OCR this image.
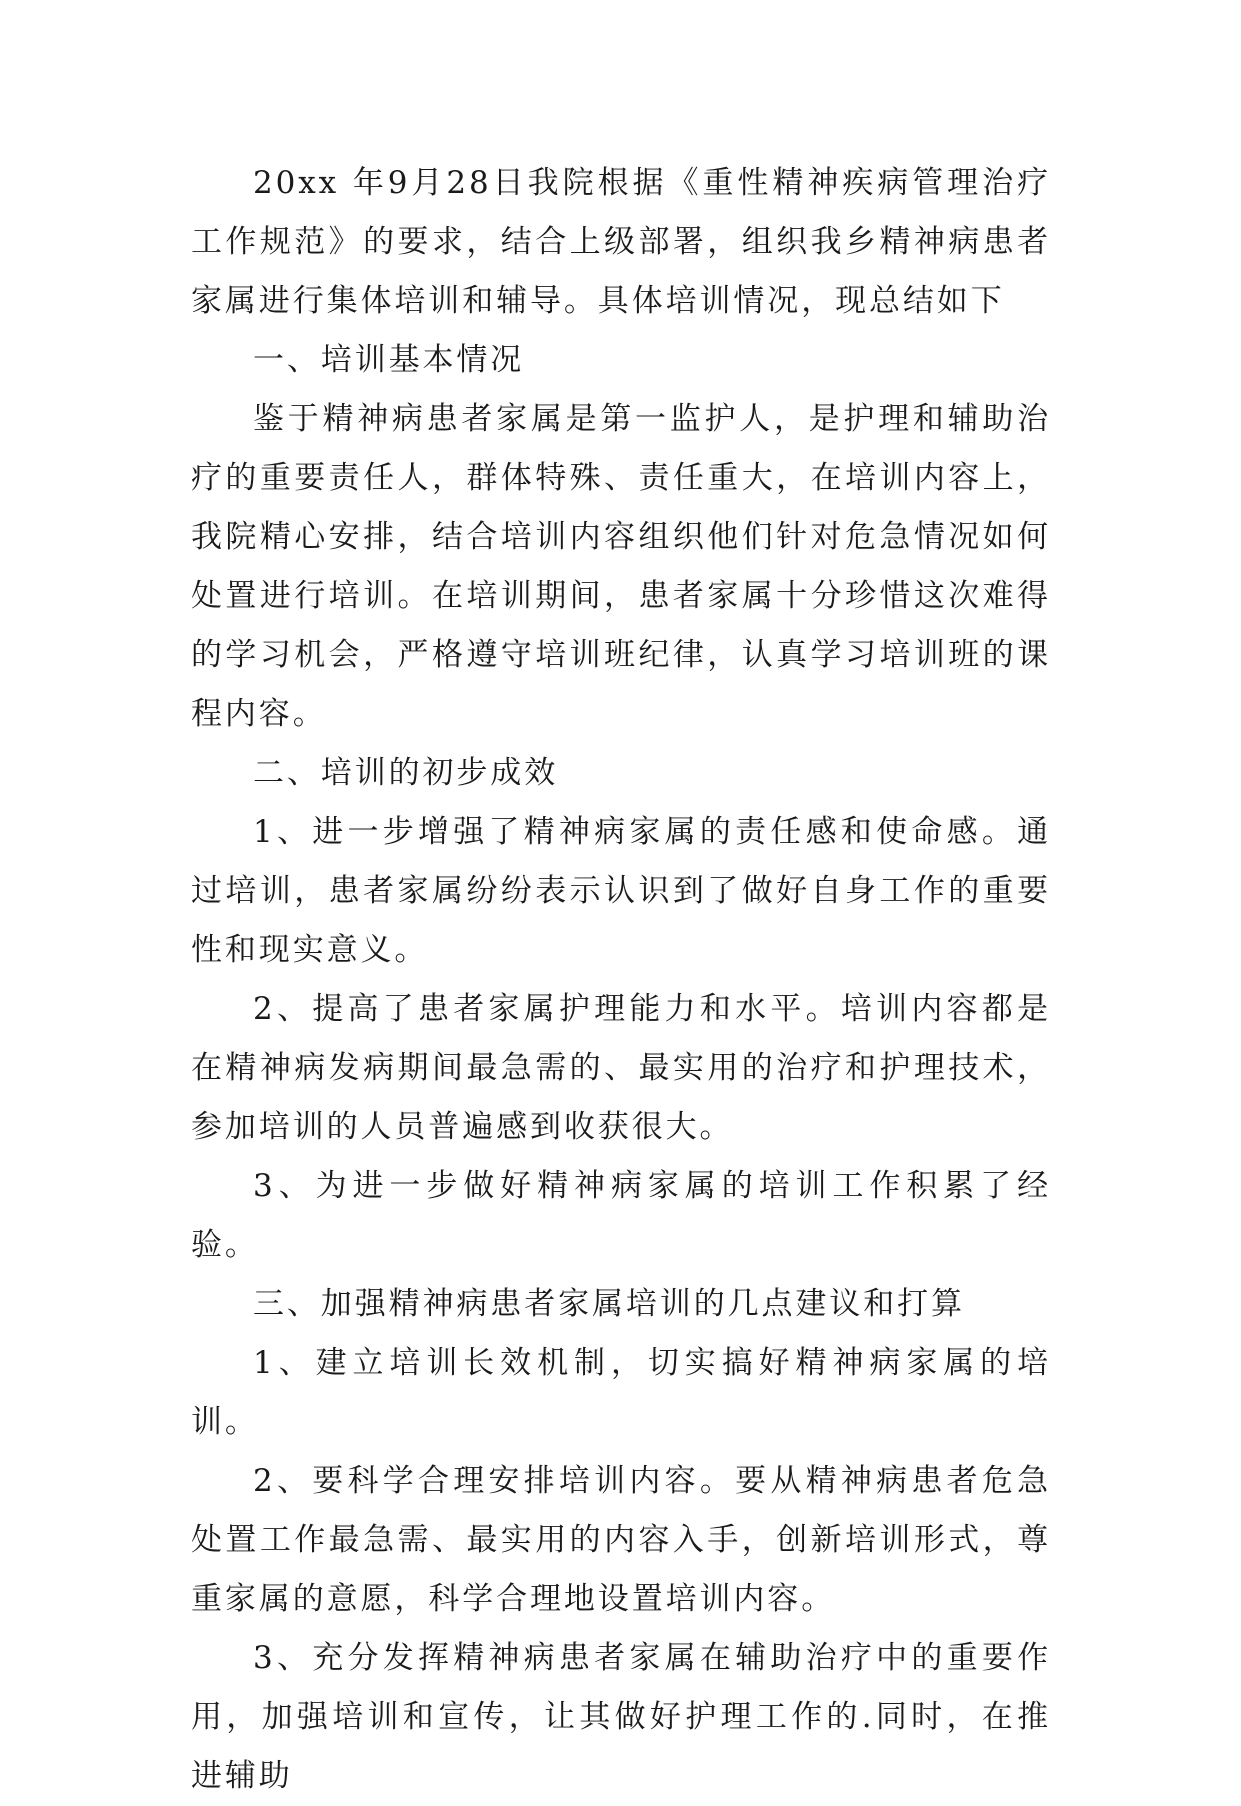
20xx 年9月28日我院根据《重性精神疾病管理治疗工作规范》的要求，结合上级部署，组织我乡精神病患者家属进行集体培训和辅导。具体培训情况，现总结如下

一、培训基本情况

鉴于精神病患者家属是第一监护人，是护理和辅助治疗的重要责任人，群体特殊、责任重大，在培训内容上，我院精心安排，结合培训内容组织他们针对危急情况如何处置进行培训。在培训期间，患者家属十分珍惜这次难得的学习机会，严格遵守培训班纪律，认真学习培训班的课程内容。

二、培训的初步成效

1、进一步增强了精神病家属的责任感和使命感。通过培训，患者家属纷纷表示认识到了做好自身工作的重要性和现实意义。

2、提高了患者家属护理能力和水平。培训内容都是在精神病发病期间最急需的、最实用的治疗和护理技术，参加培训的人员普遍感到收获很大。

3、为进一步做好精神病家属的培训工作积累了经验。

三、加强精神病患者家属培训的几点建议和打算

1、建立培训长效机制，切实搞好精神病家属的培训。

2、要科学合理安排培训内容。要从精神病患者危急处置工作最急需、最实用的内容入手，创新培训形式，尊重家属的意愿，科学合理地设置培训内容。

3、充分发挥精神病患者家属在辅助治疗中的重要作用，加强培训和宣传，让其做好护理工作的.同时，在推进辅助
